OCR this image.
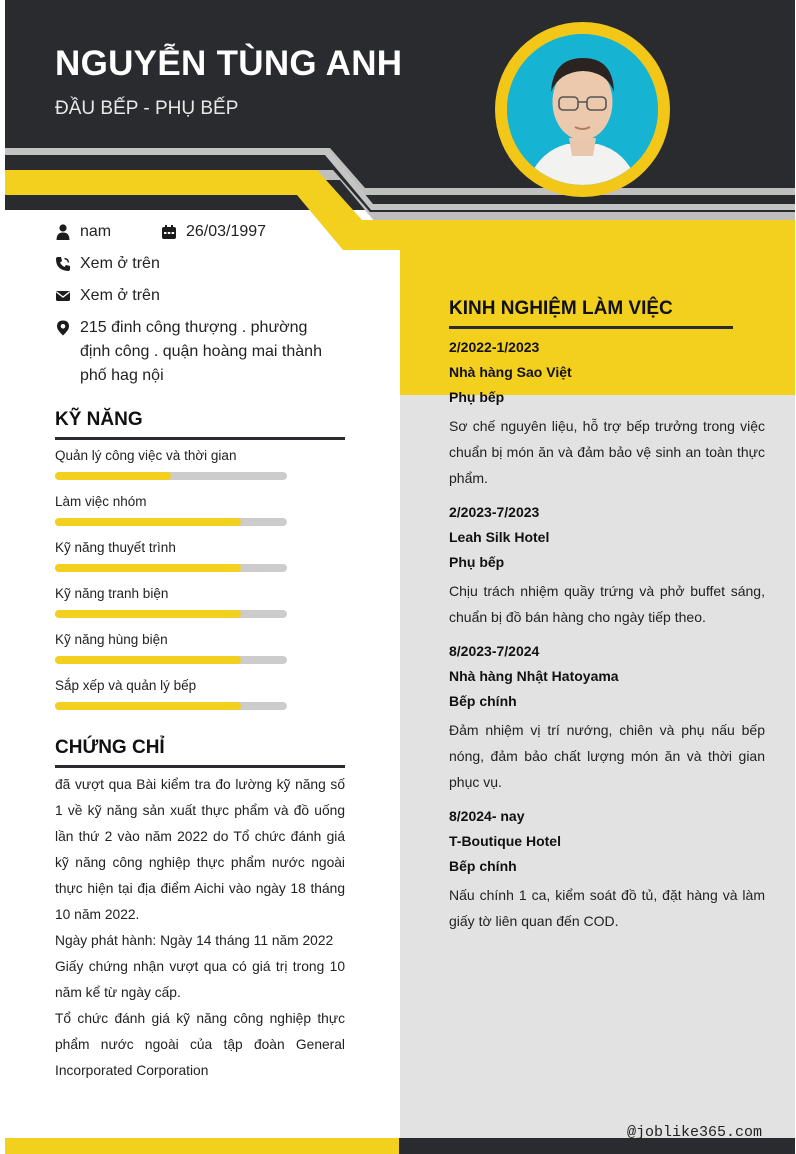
NGUYỄN TÙNG ANH
ĐẦU BẾP - PHỤ BẾP
nam	26/03/1997
Xem ở trên
Xem ở trên
215 đinh công thượng . phường định công . quận hoàng mai thành phố hag nội
KỸ NĂNG
Quản lý công việc và thời gian
Làm việc nhóm
Kỹ năng thuyết trình
Kỹ năng tranh biện
Kỹ năng hùng biện
Sắp xếp và quản lý bếp
CHỨNG CHỈ

đã vượt qua Bài kiểm tra đo lường kỹ năng số 1 về kỹ năng sản xuất thực phẩm và đồ uống lần thứ 2 vào năm 2022 do Tổ chức đánh giá kỹ năng công nghiệp thực phẩm nước ngoài thực hiện tại địa điểm Aichi vào ngày 18 tháng 10 năm 2022.

Ngày phát hành: Ngày 14 tháng 11 năm 2022

Giấy chứng nhận vượt qua có giá trị trong 10 năm kể từ ngày cấp.

Tổ chức đánh giá kỹ năng công nghiệp thực phẩm nước ngoài của tập đoàn General Incorporated Corporation

KINH NGHIỆM LÀM VIỆC
2/2022-1/2023
Nhà hàng Sao Việt
Phụ bếp
Sơ chế nguyên liệu, hỗ trợ bếp trưởng trong việc chuẩn bị món ăn và đảm bảo vệ sinh an toàn thực phẩm.
2/2023-7/2023
Leah Silk Hotel
Phụ bếp
Chịu trách nhiệm quầy trứng và phở buffet sáng, chuẩn bị đồ bán hàng cho ngày tiếp theo.
8/2023-7/2024
Nhà hàng Nhật Hatoyama
Bếp chính
Đảm nhiệm vị trí nướng, chiên và phụ nấu bếp nóng, đảm bảo chất lượng món ăn và thời gian phục vụ.
8/2024- nay
T-Boutique Hotel
Bếp chính
Nấu chính 1 ca, kiểm soát đồ tủ, đặt hàng và làm giấy tờ liên quan đến COD.
@joblike365.com
